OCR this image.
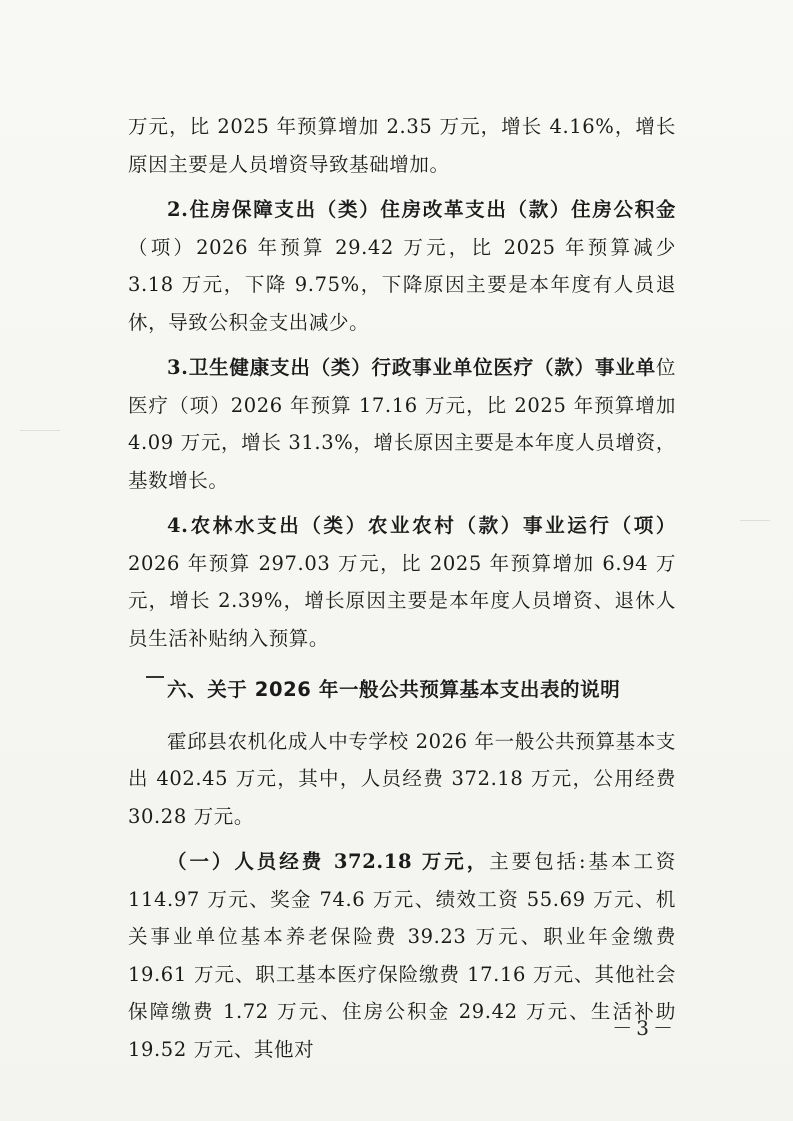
万元，比 2025 年预算增加 2.35 万元，增长 4.16%，增长原因主要是人员增资导致基础增加。

2.住房保障支出（类）住房改革支出（款）住房公积金（项）2026 年预算 29.42 万元，比 2025 年预算减少 3.18 万元，下降 9.75%，下降原因主要是本年度有人员退休，导致公积金支出减少。

3.卫生健康支出（类）行政事业单位医疗（款）事业单位医疗（项）2026 年预算 17.16 万元，比 2025 年预算增加 4.09 万元，增长 31.3%，增长原因主要是本年度人员增资，基数增长。

4.农林水支出（类）农业农村（款）事业运行（项）2026 年预算 297.03 万元，比 2025 年预算增加 6.94 万元，增长 2.39%，增长原因主要是本年度人员增资、退休人员生活补贴纳入预算。

六、关于 2026 年一般公共预算基本支出表的说明

霍邱县农机化成人中专学校 2026 年一般公共预算基本支出 402.45 万元，其中，人员经费 372.18 万元，公用经费 30.28 万元。

（一）人员经费 372.18 万元，主要包括:基本工资 114.97 万元、奖金 74.6 万元、绩效工资 55.69 万元、机关事业单位基本养老保险费 39.23 万元、职业年金缴费 19.61 万元、职工基本医疗保险缴费 17.16 万元、其他社会保障缴费 1.72 万元、住房公积金 29.42 万元、生活补助 19.52 万元、其他对

－3－
